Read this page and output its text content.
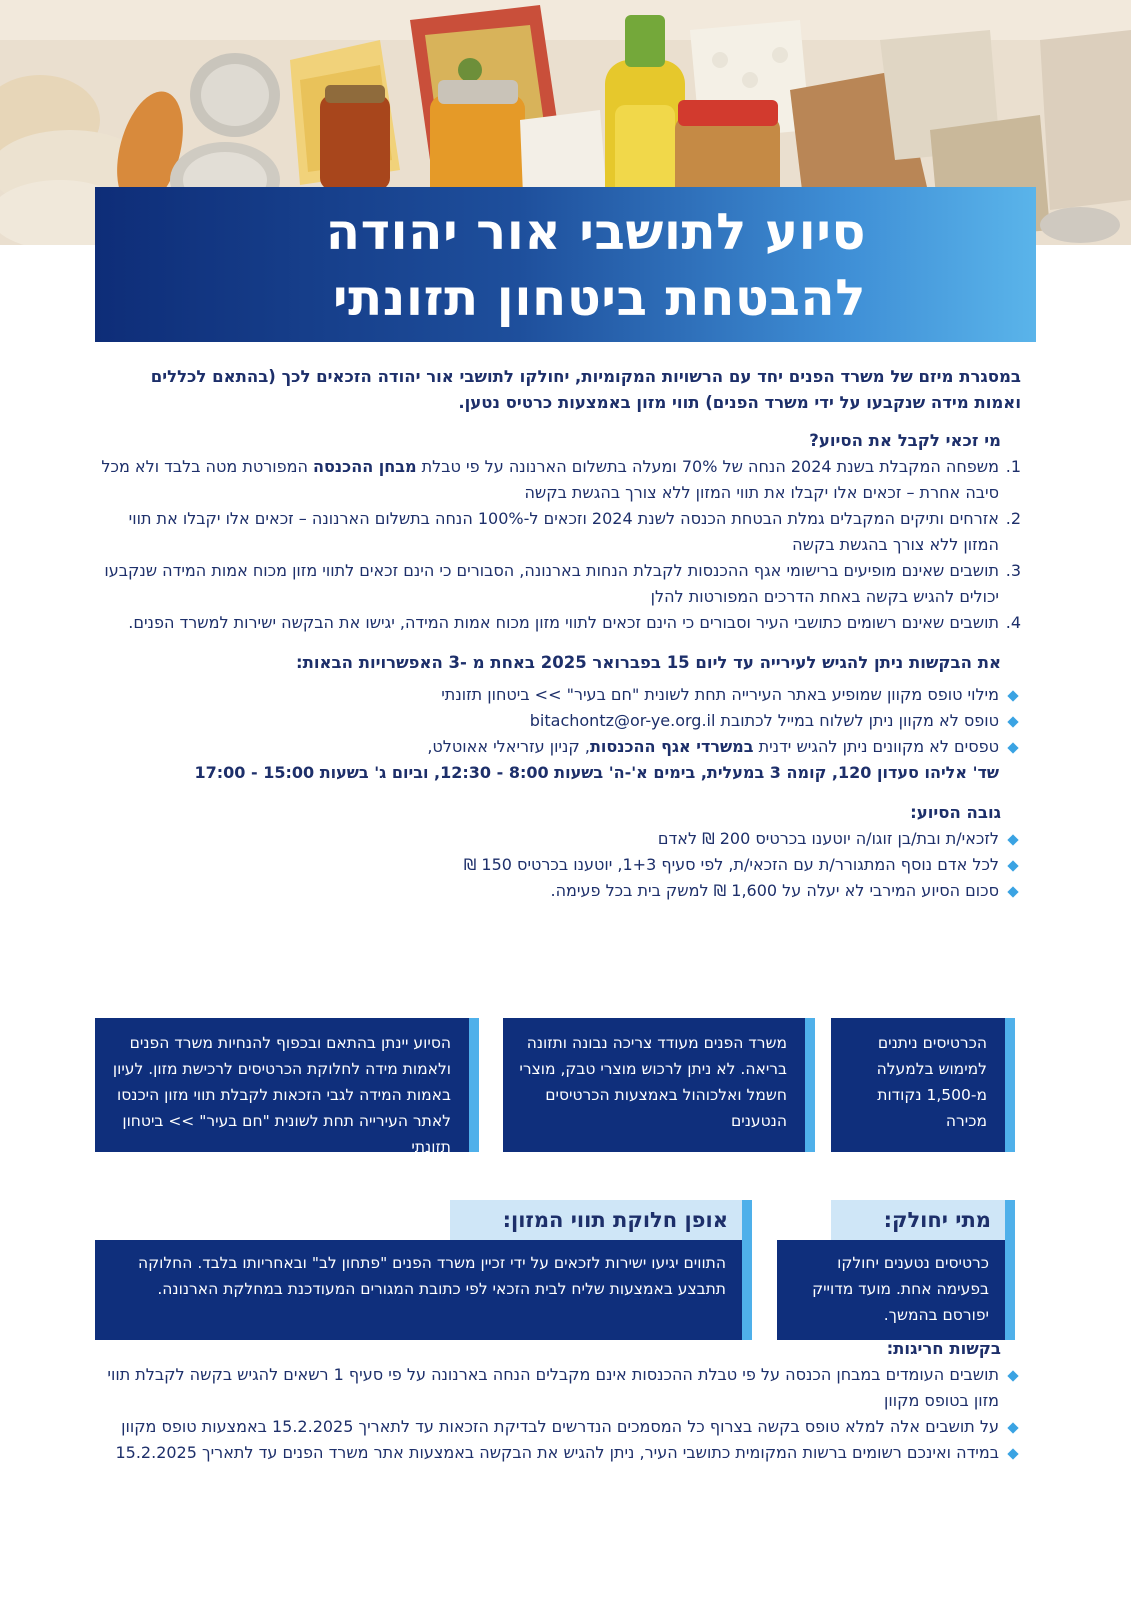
סיוע לתושבי אור יהודה
להבטחת ביטחון תזונתי

במסגרת מיזם של משרד הפנים יחד עם הרשויות המקומיות, יחולקו לתושבי אור יהודה הזכאים לכך (בהתאם לכללים ואמות מידה שנקבעו על ידי משרד הפנים) תווי מזון באמצעות כרטיס נטען.

מי זכאי לקבל את הסיוע?
1.
משפחה המקבלת בשנת 2024 הנחה של 70% ומעלה בתשלום הארנונה על פי טבלת מבחן ההכנסה המפורטת מטה בלבד ולא מכל סיבה אחרת – זכאים אלו יקבלו את תווי המזון ללא צורך בהגשת בקשה
2.
אזרחים ותיקים המקבלים גמלת הבטחת הכנסה לשנת 2024 וזכאים ל-100% הנחה בתשלום הארנונה – זכאים אלו יקבלו את תווי המזון ללא צורך בהגשת בקשה
3.
תושבים שאינם מופיעים ברישומי אגף ההכנסות לקבלת הנחות בארנונה, הסבורים כי הינם זכאים לתווי מזון מכוח אמות המידה שנקבעו יכולים להגיש בקשה באחת הדרכים המפורטות להלן
4.
תושבים שאינם רשומים כתושבי העיר וסבורים כי הינם זכאים לתווי מזון מכוח אמות המידה, יגישו את הבקשה ישירות למשרד הפנים.
את הבקשות ניתן להגיש לעירייה עד ליום 15 בפברואר 2025 באחת מ -3 האפשרויות הבאות:
מילוי טופס מקוון שמופיע באתר העירייה תחת לשונית "חם בעיר" >> ביטחון תזונתי
טופס לא מקוון ניתן לשלוח במייל לכתובת bitachontz@or-ye.org.il
טפסים לא מקוונים ניתן להגיש ידנית במשרדי אגף ההכנסות, קניון עזריאלי אאוטלט,
שד' אליהו סעדון 120, קומה 3 במעלית, בימים א'-ה' בשעות 8:00 - 12:30, וביום ג' בשעות 15:00 - 17:00
גובה הסיוע:
לזכאי/ת ובת/בן זוגו/ה יוטענו בכרטיס 200 ₪ לאדם
לכל אדם נוסף המתגורר/ת עם הזכאי/ת, לפי סעיף 1+3, יוטענו בכרטיס 150 ₪
סכום הסיוע המירבי לא יעלה על 1,600 ₪ למשק בית בכל פעימה.
הכרטיסים ניתנים למימוש בלמעלה מ-1,500 נקודות מכירה
משרד הפנים מעודד צריכה נבונה ותזונה בריאה. לא ניתן לרכוש מוצרי טבק, מוצרי חשמל ואלכוהול באמצעות הכרטיסים הנטענים
הסיוע יינתן בהתאם ובכפוף להנחיות משרד הפנים ולאמות מידה לחלוקת הכרטיסים לרכישת מזון. לעיון באמות המידה לגבי הזכאות לקבלת תווי מזון היכנסו לאתר העירייה תחת לשונית "חם בעיר" >> ביטחון תזונתי
מתי יחולק:
כרטיסים נטענים יחולקו בפעימה אחת. מועד מדוייק יפורסם בהמשך.
אופן חלוקת תווי המזון:
התווים יגיעו ישירות לזכאים על ידי זכיין משרד הפנים "פתחון לב" ובאחריותו בלבד. החלוקה תתבצע באמצעות שליח לבית הזכאי לפי כתובת המגורים המעודכנת במחלקת הארנונה.
בקשות חריגות:
תושבים העומדים במבחן הכנסה על פי טבלת ההכנסות אינם מקבלים הנחה בארנונה על פי סעיף 1 רשאים להגיש בקשה לקבלת תווי מזון בטופס מקוון
על תושבים אלה למלא טופס בקשה בצרוף כל המסמכים הנדרשים לבדיקת הזכאות עד לתאריך 15.2.2025 באמצעות טופס מקוון
במידה ואינכם רשומים ברשות המקומית כתושבי העיר, ניתן להגיש את הבקשה באמצעות אתר משרד הפנים עד לתאריך 15.2.2025
